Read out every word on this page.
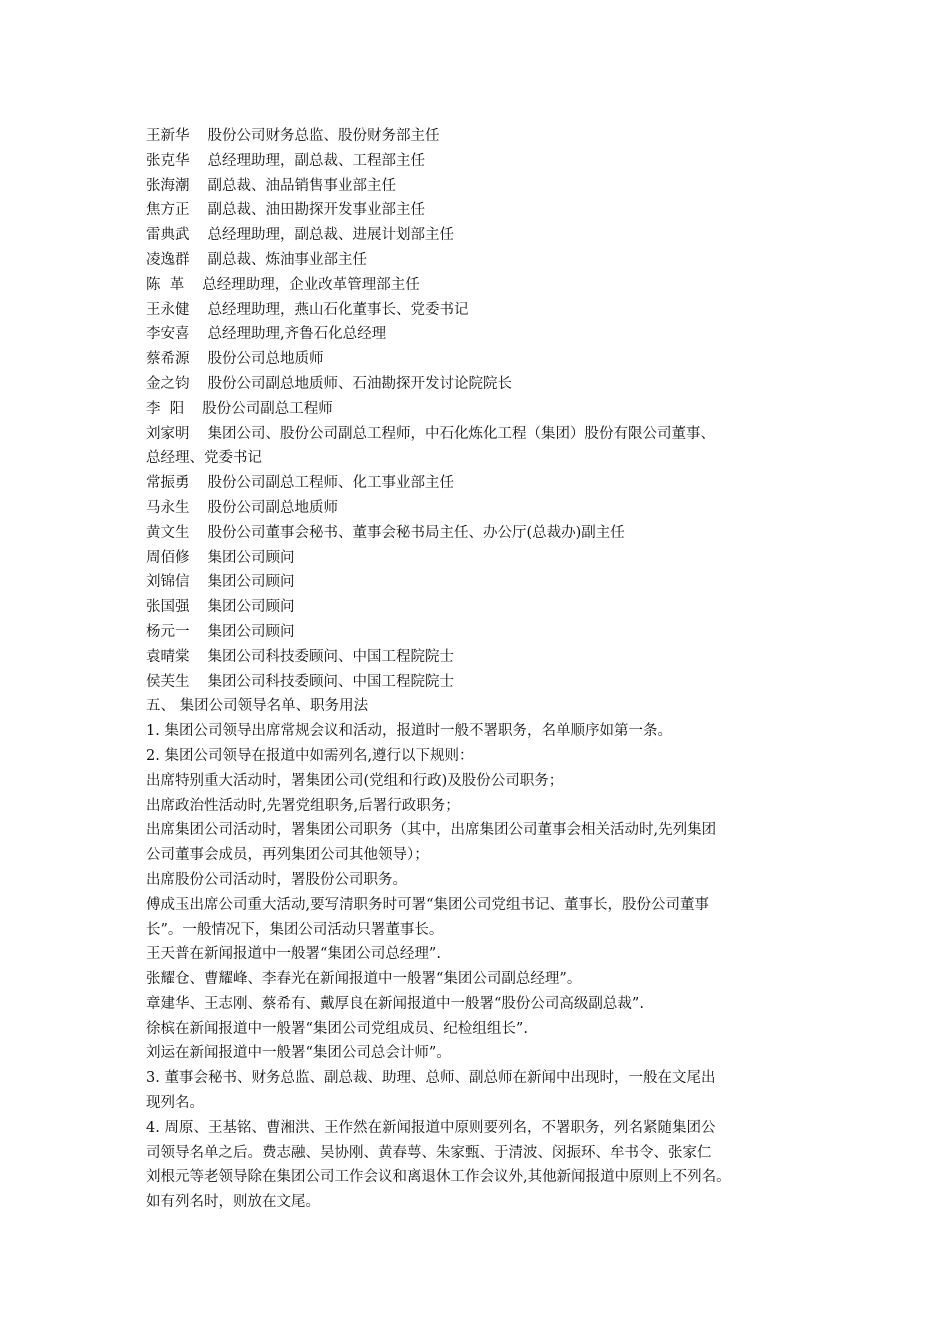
王新华 股份公司财务总监、股份财务部主任
张克华 总经理助理，副总裁、工程部主任
张海潮 副总裁、油品销售事业部主任
焦方正 副总裁、油田勘探开发事业部主任
雷典武 总经理助理，副总裁、进展计划部主任
凌逸群 副总裁、炼油事业部主任
陈  革 总经理助理，企业改革管理部主任
王永健 总经理助理，燕山石化董事长、党委书记
李安喜 总经理助理,齐鲁石化总经理
蔡希源 股份公司总地质师
金之钧 股份公司副总地质师、石油勘探开发讨论院院长
李  阳 股份公司副总工程师
刘家明 集团公司、股份公司副总工程师，中石化炼化工程（集团）股份有限公司董事、
总经理、党委书记
常振勇 股份公司副总工程师、化工事业部主任
马永生 股份公司副总地质师
黄文生 股份公司董事会秘书、董事会秘书局主任、办公厅(总裁办)副主任
周佰修 集团公司顾问
刘锦信 集团公司顾问
张国强 集团公司顾问
杨元一 集团公司顾问
袁晴棠 集团公司科技委顾问、中国工程院院士
侯芙生 集团公司科技委顾问、中国工程院院士
五、 集团公司领导名单、职务用法
1. 集团公司领导出席常规会议和活动，报道时一般不署职务，名单顺序如第一条。
2. 集团公司领导在报道中如需列名,遵行以下规则：
出席特别重大活动时，署集团公司(党组和行政)及股份公司职务；
出席政治性活动时,先署党组职务,后署行政职务；
出席集团公司活动时，署集团公司职务（其中，出席集团公司董事会相关活动时,先列集团
公司董事会成员，再列集团公司其他领导）；
出席股份公司活动时，署股份公司职务。
傅成玉出席公司重大活动,要写清职务时可署“集团公司党组书记、董事长，股份公司董事
长”。一般情况下，集团公司活动只署董事长。
王天普在新闻报道中一般署“集团公司总经理”.
张耀仓、曹耀峰、李春光在新闻报道中一般署“集团公司副总经理”。
章建华、王志刚、蔡希有、戴厚良在新闻报道中一般署“股份公司高级副总裁”.
徐槟在新闻报道中一般署“集团公司党组成员、纪检组组长”.
刘运在新闻报道中一般署“集团公司总会计师”。
3. 董事会秘书、财务总监、副总裁、助理、总师、副总师在新闻中出现时，一般在文尾出
现列名。
4. 周原、王基铭、曹湘洪、王作然在新闻报道中原则要列名，不署职务，列名紧随集团公
司领导名单之后。费志融、吴协刚、黄春萼、朱家甄、于清波、闵振环、牟书令、张家仁
刘根元等老领导除在集团公司工作会议和离退休工作会议外,其他新闻报道中原则上不列名。
如有列名时，则放在文尾。
